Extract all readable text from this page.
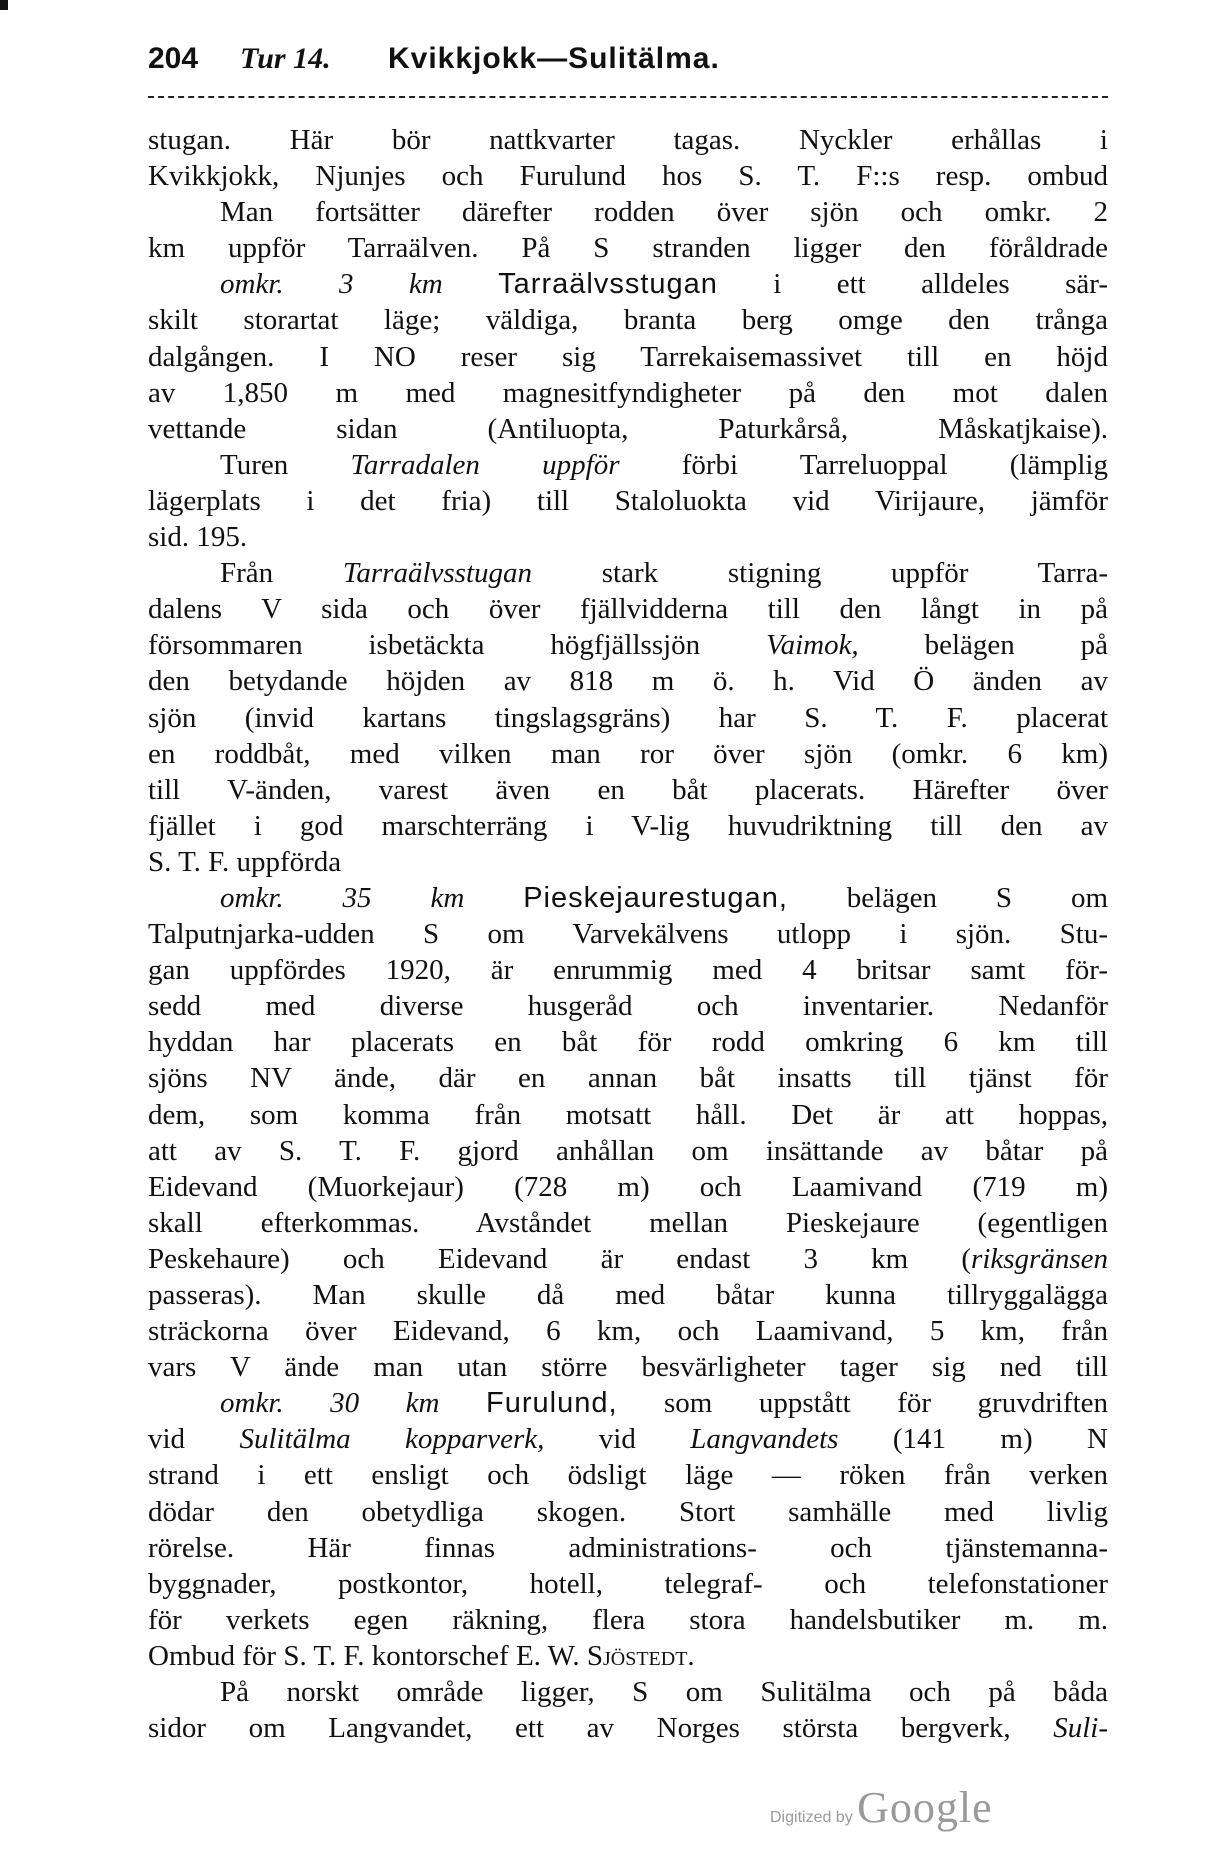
204 Tur 14. Kvikkjokk—Sulitälma.
stugan. Här bör nattkvarter tagas. Nyckler erhållas i
Kvikkjokk, Njunjes och Furulund hos S. T. F::s resp. ombud
Man fortsätter därefter rodden över sjön och omkr. 2
km uppför Tarraälven. På S stranden ligger den föråldrade
omkr. 3 km Tarraälvsstugan i ett alldeles sär-
skilt storartat läge; väldiga, branta berg omge den trånga
dalgången. I NO reser sig Tarrekaisemassivet till en höjd
av 1,850 m med magnesitfyndigheter på den mot dalen
vettande sidan (Antiluopta, Paturkårså, Måskatjkaise).
Turen Tarradalen uppför förbi Tarreluoppal (lämplig
lägerplats i det fria) till Staloluokta vid Virijaure, jämför
sid. 195.
Från Tarraälvsstugan stark stigning uppför Tarra-
dalens V sida och över fjällvidderna till den långt in på
försommaren isbetäckta högfjällssjön Vaimok, belägen på
den betydande höjden av 818 m ö. h. Vid Ö änden av
sjön (invid kartans tingslagsgräns) har S. T. F. placerat
en roddbåt, med vilken man ror över sjön (omkr. 6 km)
till V-änden, varest även en båt placerats. Härefter över
fjället i god marschterräng i V-lig huvudriktning till den av
S. T. F. uppförda
omkr. 35 km Pieskejaurestugan, belägen S om
Talputnjarka-udden S om Varvekälvens utlopp i sjön. Stu-
gan uppfördes 1920, är enrummig med 4 britsar samt för-
sedd med diverse husgeråd och inventarier. Nedanför
hyddan har placerats en båt för rodd omkring 6 km till
sjöns NV ände, där en annan båt insatts till tjänst för
dem, som komma från motsatt håll. Det är att hoppas,
att av S. T. F. gjord anhållan om insättande av båtar på
Eidevand (Muorkejaur) (728 m) och Laamivand (719 m)
skall efterkommas. Avståndet mellan Pieskejaure (egentligen
Peskehaure) och Eidevand är endast 3 km (riksgränsen
passeras). Man skulle då med båtar kunna tillryggalägga
sträckorna över Eidevand, 6 km, och Laamivand, 5 km, från
vars V ände man utan större besvärligheter tager sig ned till
omkr. 30 km Furulund, som uppstått för gruvdriften
vid Sulitälma kopparverk, vid Langvandets (141 m) N
strand i ett ensligt och ödsligt läge — röken från verken
dödar den obetydliga skogen. Stort samhälle med livlig
rörelse. Här finnas administrations- och tjänstemanna-
byggnader, postkontor, hotell, telegraf- och telefonstationer
för verkets egen räkning, flera stora handelsbutiker m. m.
Ombud för S. T. F. kontorschef E. W. Sjöstedt.
På norskt område ligger, S om Sulitälma och på båda
sidor om Langvandet, ett av Norges största bergverk, Suli-
Digitized by Google
